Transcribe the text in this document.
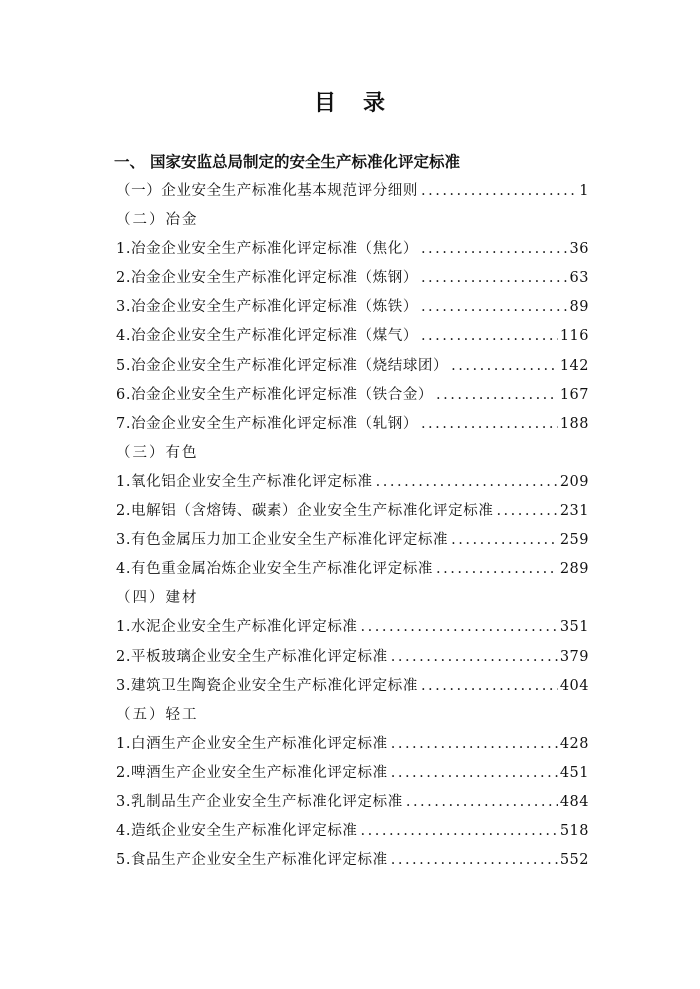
目 录
一、 国家安监总局制定的安全生产标准化评定标准
（一）企业安全生产标准化基本规范评分细则 .....	1
（二）冶金
1.冶金企业安全生产标准化评定标准（焦化） .....	36
2.冶金企业安全生产标准化评定标准（炼钢） .....	63
3.冶金企业安全生产标准化评定标准（炼铁） .....	89
4.冶金企业安全生产标准化评定标准（煤气） .....	116
5.冶金企业安全生产标准化评定标准（烧结球团） .....	142
6.冶金企业安全生产标准化评定标准（铁合金） .....	167
7.冶金企业安全生产标准化评定标准（轧钢） .....	188
（三）有色
1.氧化铝企业安全生产标准化评定标准 .....	209
2.电解铝（含熔铸、碳素）企业安全生产标准化评定标准 .....	231
3.有色金属压力加工企业安全生产标准化评定标准 .....	259
4.有色重金属冶炼企业安全生产标准化评定标准 .....	289
（四）建材
1.水泥企业安全生产标准化评定标准 .....	351
2.平板玻璃企业安全生产标准化评定标准 .....	379
3.建筑卫生陶瓷企业安全生产标准化评定标准 .....	404
（五）轻工
1.白酒生产企业安全生产标准化评定标准 .....	428
2.啤酒生产企业安全生产标准化评定标准 .....	451
3.乳制品生产企业安全生产标准化评定标准 .....	484
4.造纸企业安全生产标准化评定标准 .....	518
5.食品生产企业安全生产标准化评定标准 .....	552
